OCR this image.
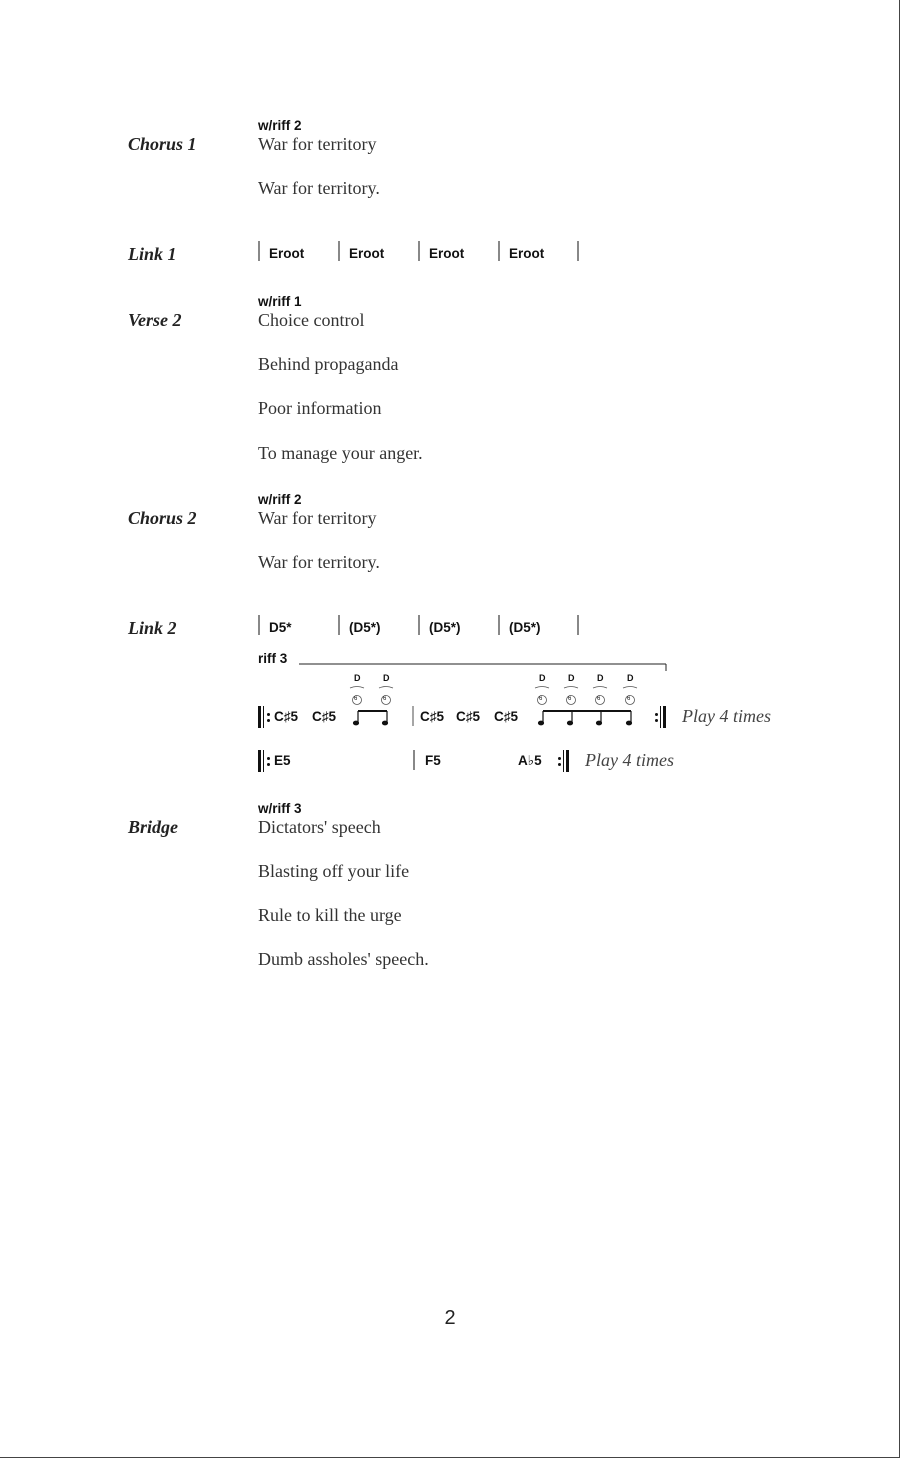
w/riff 2
Chorus 1	War for territory
War for territory.
Link 1	Eroot	Eroot	Eroot	Eroot
w/riff 1
Verse 2	Choice control
Behind propaganda
Poor information
To manage your anger.
w/riff 2
Chorus 2	War for territory
War for territory.
Link 2	D5*	(D5*)	(D5*)	(D5*)
riff 3
D	D	D	D	D	D
6	6	6	6	6	6
C♯5 C♯5	C♯5 C♯5 C♯5	Play 4 times
E5	F5	A♭5 Play 4 times
w/riff 3
Bridge	Dictators' speech
Blasting off your life
Rule to kill the urge
Dumb assholes' speech.
2
